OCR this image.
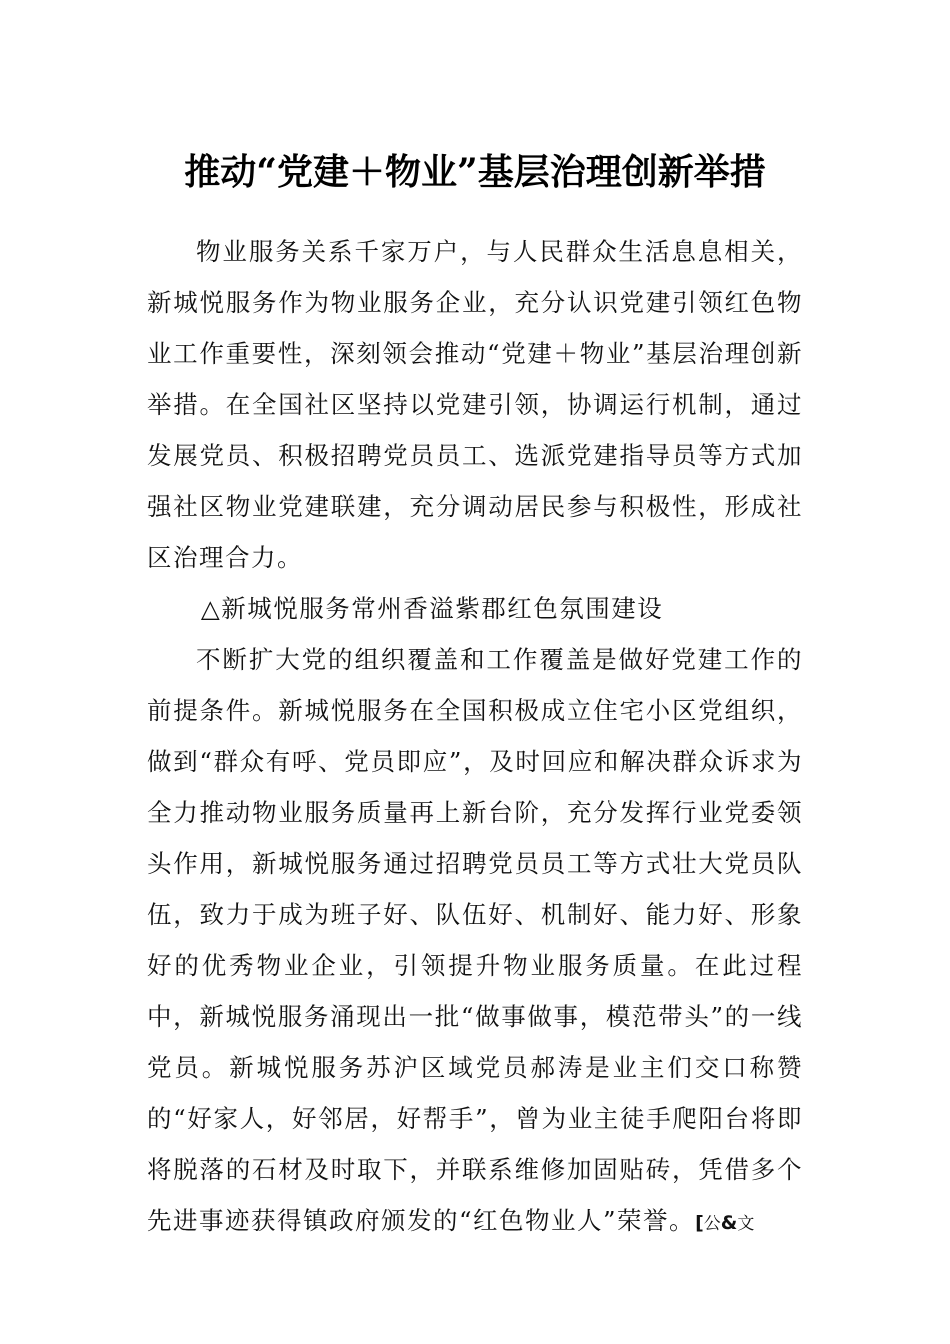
推动“党建＋物业”基层治理创新举措

物业服务关系千家万户，与人民群众生活息息相关，新城悦服务作为物业服务企业，充分认识党建引领红色物业工作重要性，深刻领会推动“党建＋物业”基层治理创新举措。在全国社区坚持以党建引领，协调运行机制，通过发展党员、积极招聘党员员工、选派党建指导员等方式加强社区物业党建联建，充分调动居民参与积极性，形成社区治理合力。

△新城悦服务常州香溢紫郡红色氛围建设

不断扩大党的组织覆盖和工作覆盖是做好党建工作的前提条件。新城悦服务在全国积极成立住宅小区党组织，做到“群众有呼、党员即应”，及时回应和解决群众诉求为全力推动物业服务质量再上新台阶，充分发挥行业党委领头作用，新城悦服务通过招聘党员员工等方式壮大党员队伍，致力于成为班子好、队伍好、机制好、能力好、形象好的优秀物业企业，引领提升物业服务质量。在此过程中，新城悦服务涌现出一批“做事做事，模范带头”的一线党员。新城悦服务苏沪区域党员郝涛是业主们交口称赞的“好家人，好邻居，好帮手”，曾为业主徒手爬阳台将即将脱落的石材及时取下，并联系维修加固贴砖，凭借多个先进事迹获得镇政府颁发的“红色物业人”荣誉。[公&文
